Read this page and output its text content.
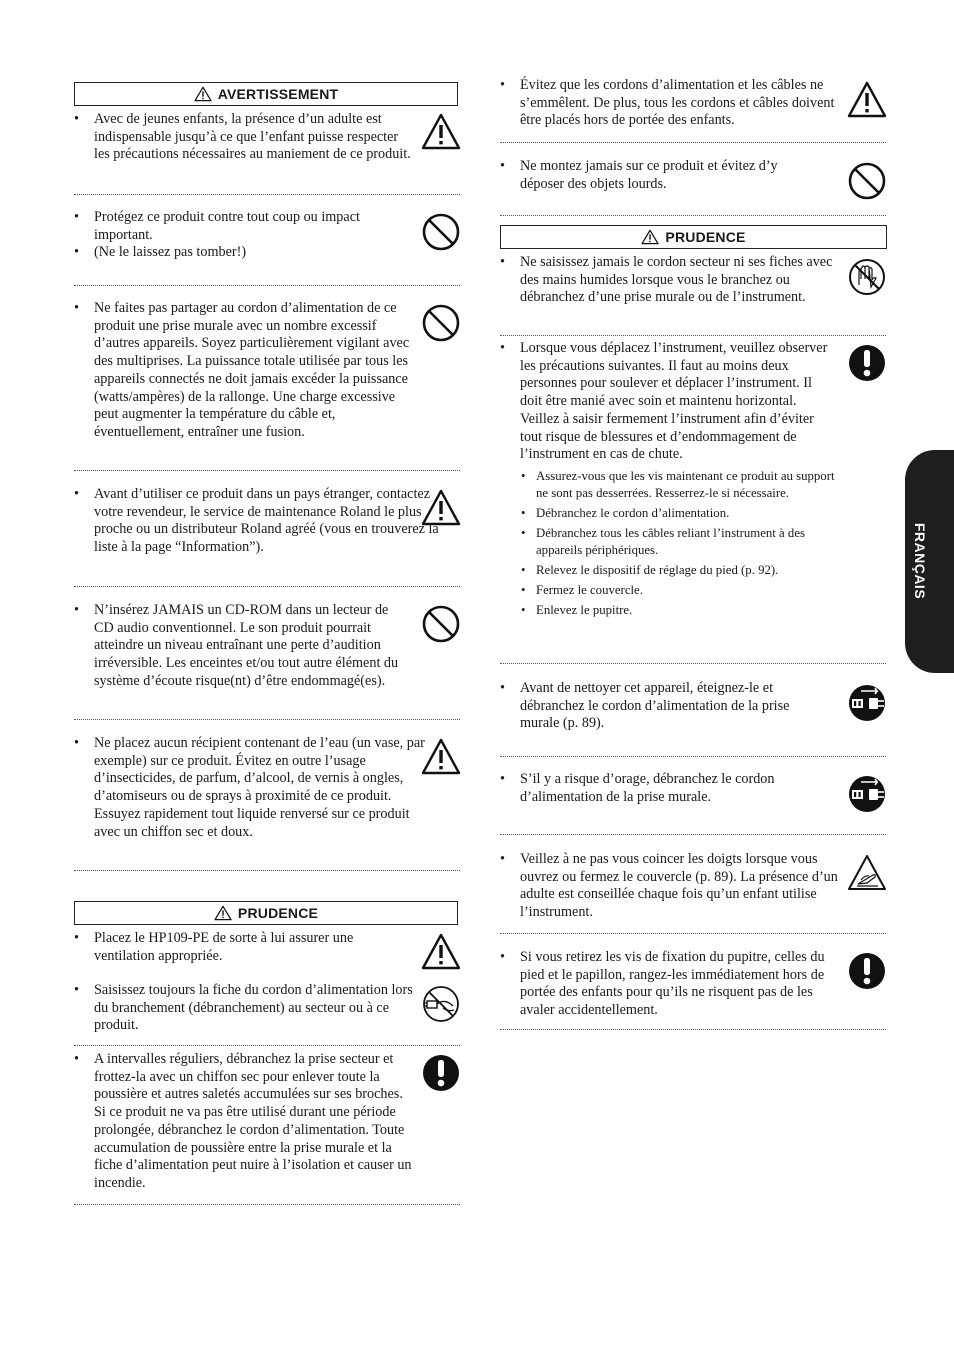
AVERTISSEMENT

• Avec de jeunes enfants, la présence d’un adulte est indispensable jusqu’à ce que l’enfant puisse respecter les précautions nécessaires au maniement de ce produit.

• Protégez ce produit contre tout coup ou impact important.

• (Ne le laissez pas tomber!)

• Ne faites pas partager au cordon d’alimentation de ce produit une prise murale avec un nombre excessif d’autres appareils. Soyez particulièrement vigilant avec des multiprises. La puissance totale utilisée par tous les appareils connectés ne doit jamais excéder la puissance (watts/ampères) de la rallonge. Une charge excessive peut augmenter la température du câble et, éventuellement, entraîner une fusion.

• Avant d’utiliser ce produit dans un pays étranger, contactez votre revendeur, le service de maintenance Roland le plus proche ou un distributeur Roland agréé (vous en trouverez la liste à la page “Information”).

• N’insérez JAMAIS un CD-ROM dans un lecteur de CD audio conventionnel. Le son produit pourrait atteindre un niveau entraînant une perte d’audition irréversible. Les enceintes et/ou tout autre élément du système d’écoute risque(nt) d’être endommagé(es).

• Ne placez aucun récipient contenant de l’eau (un vase, par exemple) sur ce produit. Évitez en outre l’usage d’insecticides, de parfum, d’alcool, de vernis à ongles, d’atomiseurs ou de sprays à proximité de ce produit. Essuyez rapidement tout liquide renversé sur ce produit avec un chiffon sec et doux.

PRUDENCE

• Placez le HP109-PE de sorte à lui assurer une ventilation appropriée.

• Saisissez toujours la fiche du cordon d’alimentation lors du branchement (débranchement) au secteur ou à ce produit.

• A intervalles réguliers, débranchez la prise secteur et frottez-la avec un chiffon sec pour enlever toute la poussière et autres saletés accumulées sur ses broches. Si ce produit ne va pas être utilisé durant une période prolongée, débranchez le cordon d’alimentation. Toute accumulation de poussière entre la prise murale et la fiche d’alimentation peut nuire à l’isolation et causer un incendie.

• Évitez que les cordons d’alimentation et les câbles ne s’emmêlent. De plus, tous les cordons et câbles doivent être placés hors de portée des enfants.

• Ne montez jamais sur ce produit et évitez d’y déposer des objets lourds.

PRUDENCE

• Ne saisissez jamais le cordon secteur ni ses fiches avec des mains humides lorsque vous le branchez ou débranchez d’une prise murale ou de l’instrument.

• Lorsque vous déplacez l’instrument, veuillez observer les précautions suivantes. Il faut au moins deux personnes pour soulever et déplacer l’instrument. Il doit être manié avec soin et maintenu horizontal. Veillez à saisir fermement l’instrument afin d’éviter tout risque de blessures et d’endommagement de l’instrument en cas de chute.

• Assurez-vous que les vis maintenant ce produit au support ne sont pas desserrées. Resserrez-le si nécessaire.
• Débranchez le cordon d’alimentation.
• Débranchez tous les câbles reliant l’instrument à des appareils périphériques.
• Relevez le dispositif de réglage du pied (p. 92).
• Fermez le couvercle.
• Enlevez le pupitre.

• Avant de nettoyer cet appareil, éteignez-le et débranchez le cordon d’alimentation de la prise murale (p. 89).

• S’il y a risque d’orage, débranchez le cordon d’alimentation de la prise murale.

• Veillez à ne pas vous coincer les doigts lorsque vous ouvrez ou fermez le couvercle (p. 89). La présence d’un adulte est conseillée chaque fois qu’un enfant utilise l’instrument.

• Si vous retirez les vis de fixation du pupitre, celles du pied et le papillon, rangez-les immédiatement hors de portée des enfants pour qu’ils ne risquent pas de les avaler accidentellement.

FRANÇAIS
